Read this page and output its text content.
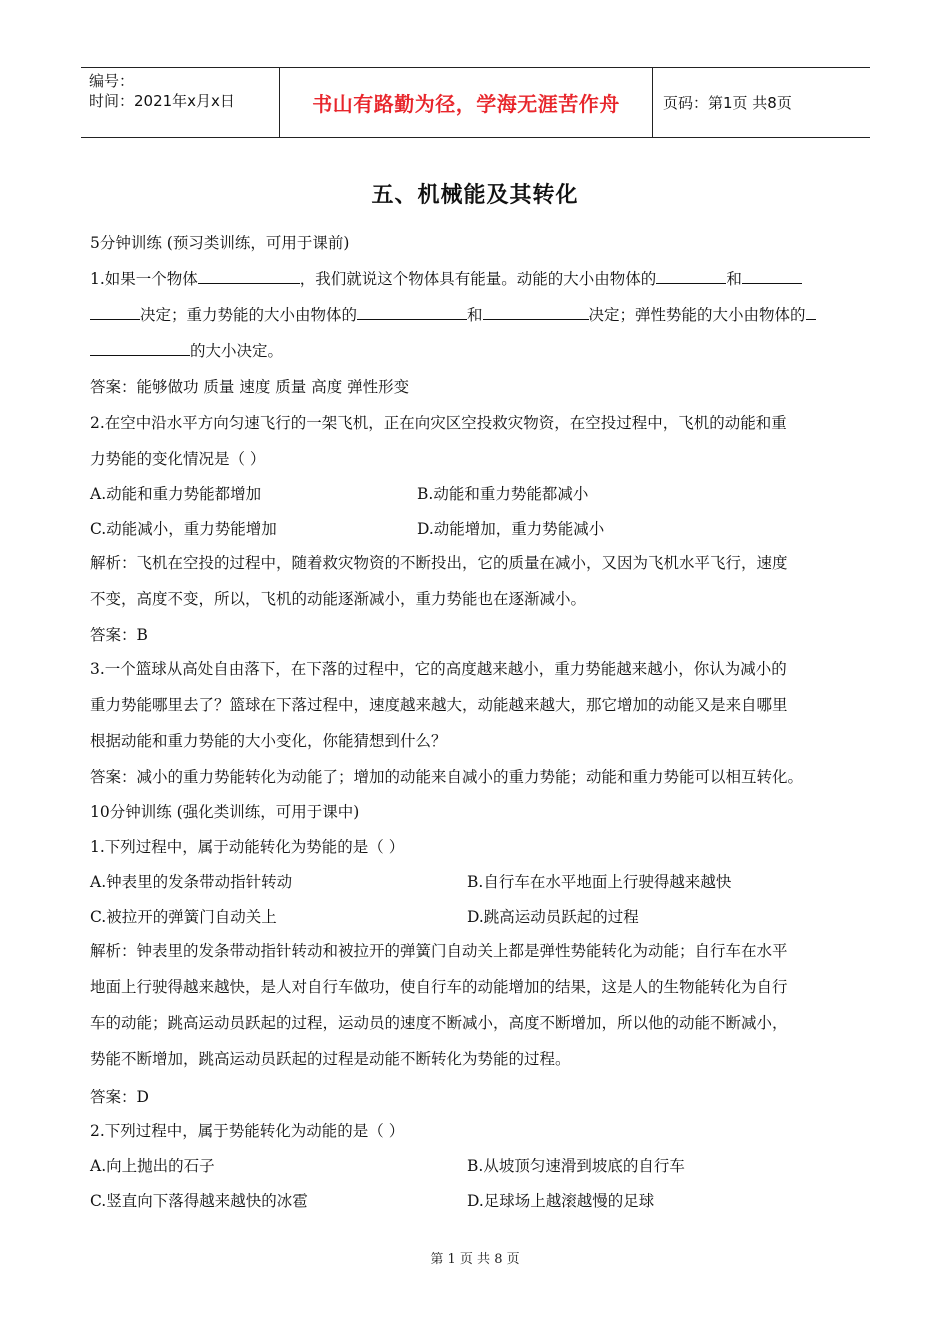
编号：
时间：2021年x月x日	书山有路勤为径，学海无涯苦作舟	页码：第1页 共8页
五、机械能及其转化
5分钟训练 (预习类训练，可用于课前)
1.如果一个物体	，我们就说这个物体具有能量。动能的大小由物体的	和
决定；重力势能的大小由物体的	和	决定；弹性势能的大小由物体的
的大小决定。
答案：能够做功 质量 速度 质量 高度 弹性形变
2.在空中沿水平方向匀速飞行的一架飞机，正在向灾区空投救灾物资，在空投过程中，飞机的动能和重
力势能的变化情况是（ ）
A.动能和重力势能都增加	B.动能和重力势能都减小
C.动能减小，重力势能增加	D.动能增加，重力势能减小
解析：飞机在空投的过程中，随着救灾物资的不断投出，它的质量在减小，又因为飞机水平飞行，速度
不变，高度不变，所以，飞机的动能逐渐减小，重力势能也在逐渐减小。
答案：B
3.一个篮球从高处自由落下，在下落的过程中，它的高度越来越小，重力势能越来越小，你认为减小的
重力势能哪里去了？篮球在下落过程中，速度越来越大，动能越来越大，那它增加的动能又是来自哪里
根据动能和重力势能的大小变化，你能猜想到什么？
答案：减小的重力势能转化为动能了；增加的动能来自减小的重力势能；动能和重力势能可以相互转化。
10分钟训练 (强化类训练，可用于课中)
1.下列过程中，属于动能转化为势能的是（ ）
A.钟表里的发条带动指针转动	B.自行车在水平地面上行驶得越来越快
C.被拉开的弹簧门自动关上	D.跳高运动员跃起的过程
解析：钟表里的发条带动指针转动和被拉开的弹簧门自动关上都是弹性势能转化为动能；自行车在水平
地面上行驶得越来越快，是人对自行车做功，使自行车的动能增加的结果，这是人的生物能转化为自行
车的动能；跳高运动员跃起的过程，运动员的速度不断减小，高度不断增加，所以他的动能不断减小，
势能不断增加，跳高运动员跃起的过程是动能不断转化为势能的过程。
答案：D
2.下列过程中，属于势能转化为动能的是（ ）
A.向上抛出的石子	B.从坡顶匀速滑到坡底的自行车
C.竖直向下落得越来越快的冰雹	D.足球场上越滚越慢的足球
第 1 页 共 8 页
